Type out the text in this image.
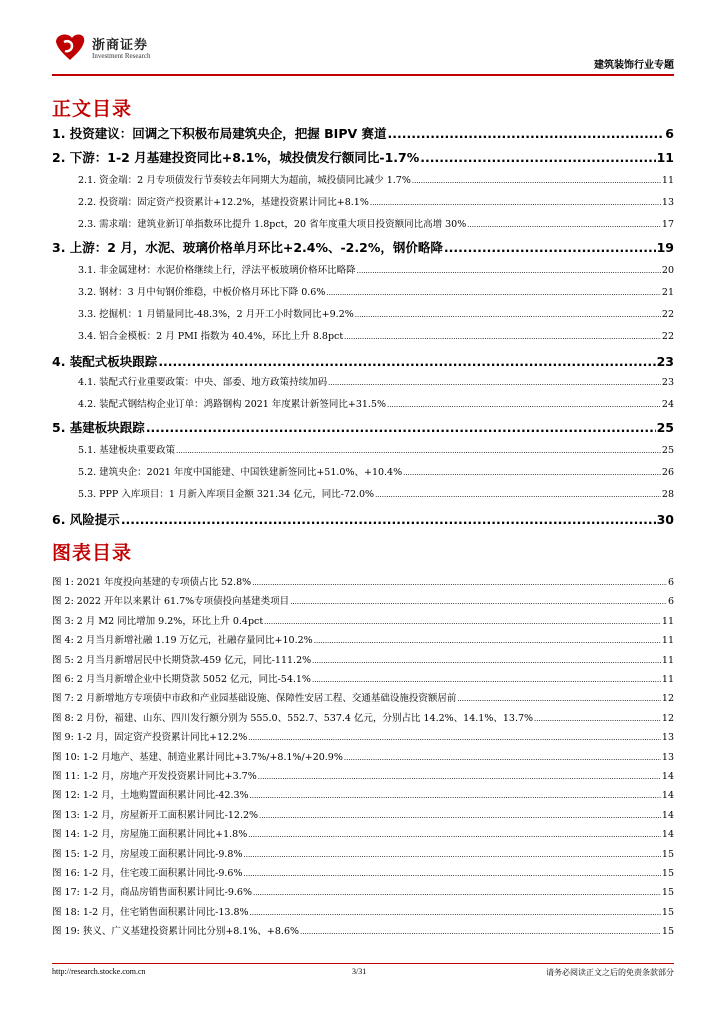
浙商证券
Investment Research
建筑装饰行业专题
正文目录
1. 投资建议：回调之下积极布局建筑央企，把握 BIPV 赛道 .....	6
2. 下游：1-2 月基建投资同比+8.1%，城投债发行额同比-1.7% .....	11
2.1. 资金端：2 月专项债发行节奏较去年同期大为超前，城投债同比减少 1.7% .....	11
2.2. 投资端：固定资产投资累计+12.2%，基建投资累计同比+8.1% .....	13
2.3. 需求端：建筑业新订单指数环比提升 1.8pct，20 省年度重大项目投资额同比高增 30% .....	17
3. 上游：2 月，水泥、玻璃价格单月环比+2.4%、-2.2%，钢价略降 .....	19
3.1. 非金属建材：水泥价格继续上行，浮法平板玻璃价格环比略降 .....	20
3.2. 钢材：3 月中旬钢价维稳，中板价格月环比下降 0.6% .....	21
3.3. 挖掘机：1 月销量同比-48.3%，2 月开工小时数同比+9.2% .....	22
3.4. 铝合金模板：2 月 PMI 指数为 40.4%，环比上升 8.8pct .....	22
4. 装配式板块跟踪 .....	23
4.1. 装配式行业重要政策：中央、部委、地方政策持续加码 .....	23
4.2. 装配式钢结构企业订单：鸿路钢构 2021 年度累计新签同比+31.5% .....	24
5. 基建板块跟踪 .....	25
5.1. 基建板块重要政策 .....	25
5.2. 建筑央企：2021 年度中国能建、中国铁建新签同比+51.0%、+10.4% .....	26
5.3. PPP 入库项目：1 月新入库项目金额 321.34 亿元，同比-72.0% .....	28
6. 风险提示 .....	30
图表目录
图 1: 2021 年度投向基建的专项债占比 52.8% .....	6
图 2: 2022 开年以来累计 61.7%专项债投向基建类项目 .....	6
图 3: 2 月 M2 同比增加 9.2%，环比上升 0.4pct .....	11
图 4: 2 月当月新增社融 1.19 万亿元，社融存量同比+10.2% .....	11
图 5: 2 月当月新增居民中长期贷款-459 亿元，同比-111.2% .....	11
图 6: 2 月当月新增企业中长期贷款 5052 亿元，同比-54.1% .....	11
图 7: 2 月新增地方专项债中市政和产业园基础设施、保障性安居工程、交通基础设施投资额居前 .....	12
图 8: 2 月份，福建、山东、四川发行额分别为 555.0、552.7、537.4 亿元，分别占比 14.2%、14.1%、13.7% .....	12
图 9: 1-2 月，固定资产投资累计同比+12.2% .....	13
图 10: 1-2 月地产、基建、制造业累计同比+3.7%/+8.1%/+20.9% .....	13
图 11: 1-2 月，房地产开发投资累计同比+3.7% .....	14
图 12: 1-2 月，土地购置面积累计同比-42.3% .....	14
图 13: 1-2 月，房屋新开工面积累计同比-12.2% .....	14
图 14: 1-2 月，房屋施工面积累计同比+1.8% .....	14
图 15: 1-2 月，房屋竣工面积累计同比-9.8% .....	15
图 16: 1-2 月，住宅竣工面积累计同比-9.6% .....	15
图 17: 1-2 月，商品房销售面积累计同比-9.6% .....	15
图 18: 1-2 月，住宅销售面积累计同比-13.8% .....	15
图 19: 狭义、广义基建投资累计同比分别+8.1%、+8.6% .....	15
http://research.stocke.com.cn	3/31	请务必阅读正文之后的免责条款部分
